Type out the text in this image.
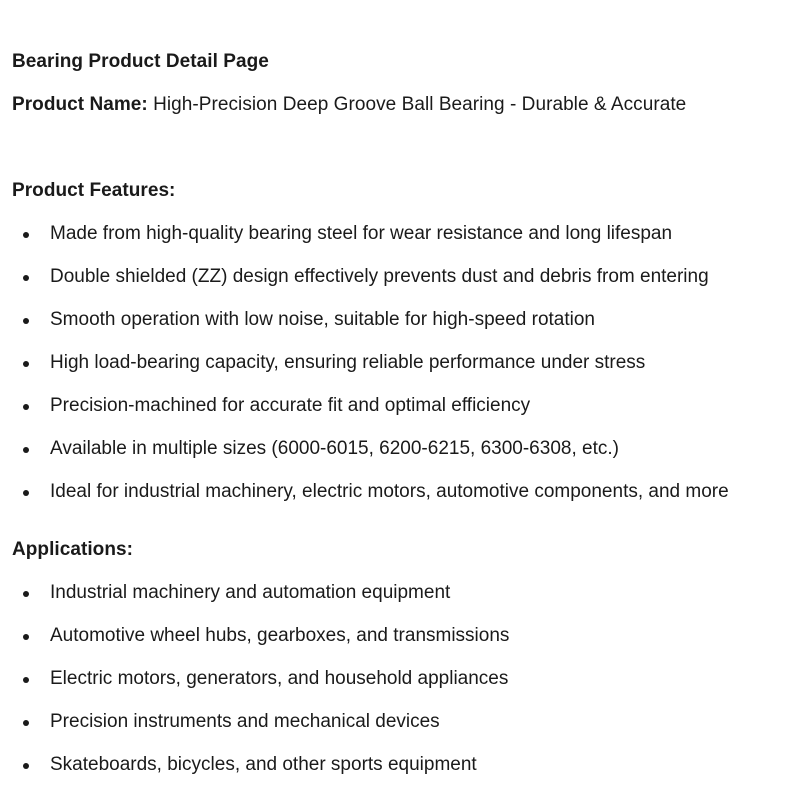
Bearing Product Detail Page
Product Name: High-Precision Deep Groove Ball Bearing - Durable & Accurate
Product Features:
Made from high-quality bearing steel for wear resistance and long lifespan
Double shielded (ZZ) design effectively prevents dust and debris from entering
Smooth operation with low noise, suitable for high-speed rotation
High load-bearing capacity, ensuring reliable performance under stress
Precision-machined for accurate fit and optimal efficiency
Available in multiple sizes (6000-6015, 6200-6215, 6300-6308, etc.)
Ideal for industrial machinery, electric motors, automotive components, and more
Applications:
Industrial machinery and automation equipment
Automotive wheel hubs, gearboxes, and transmissions
Electric motors, generators, and household appliances
Precision instruments and mechanical devices
Skateboards, bicycles, and other sports equipment
